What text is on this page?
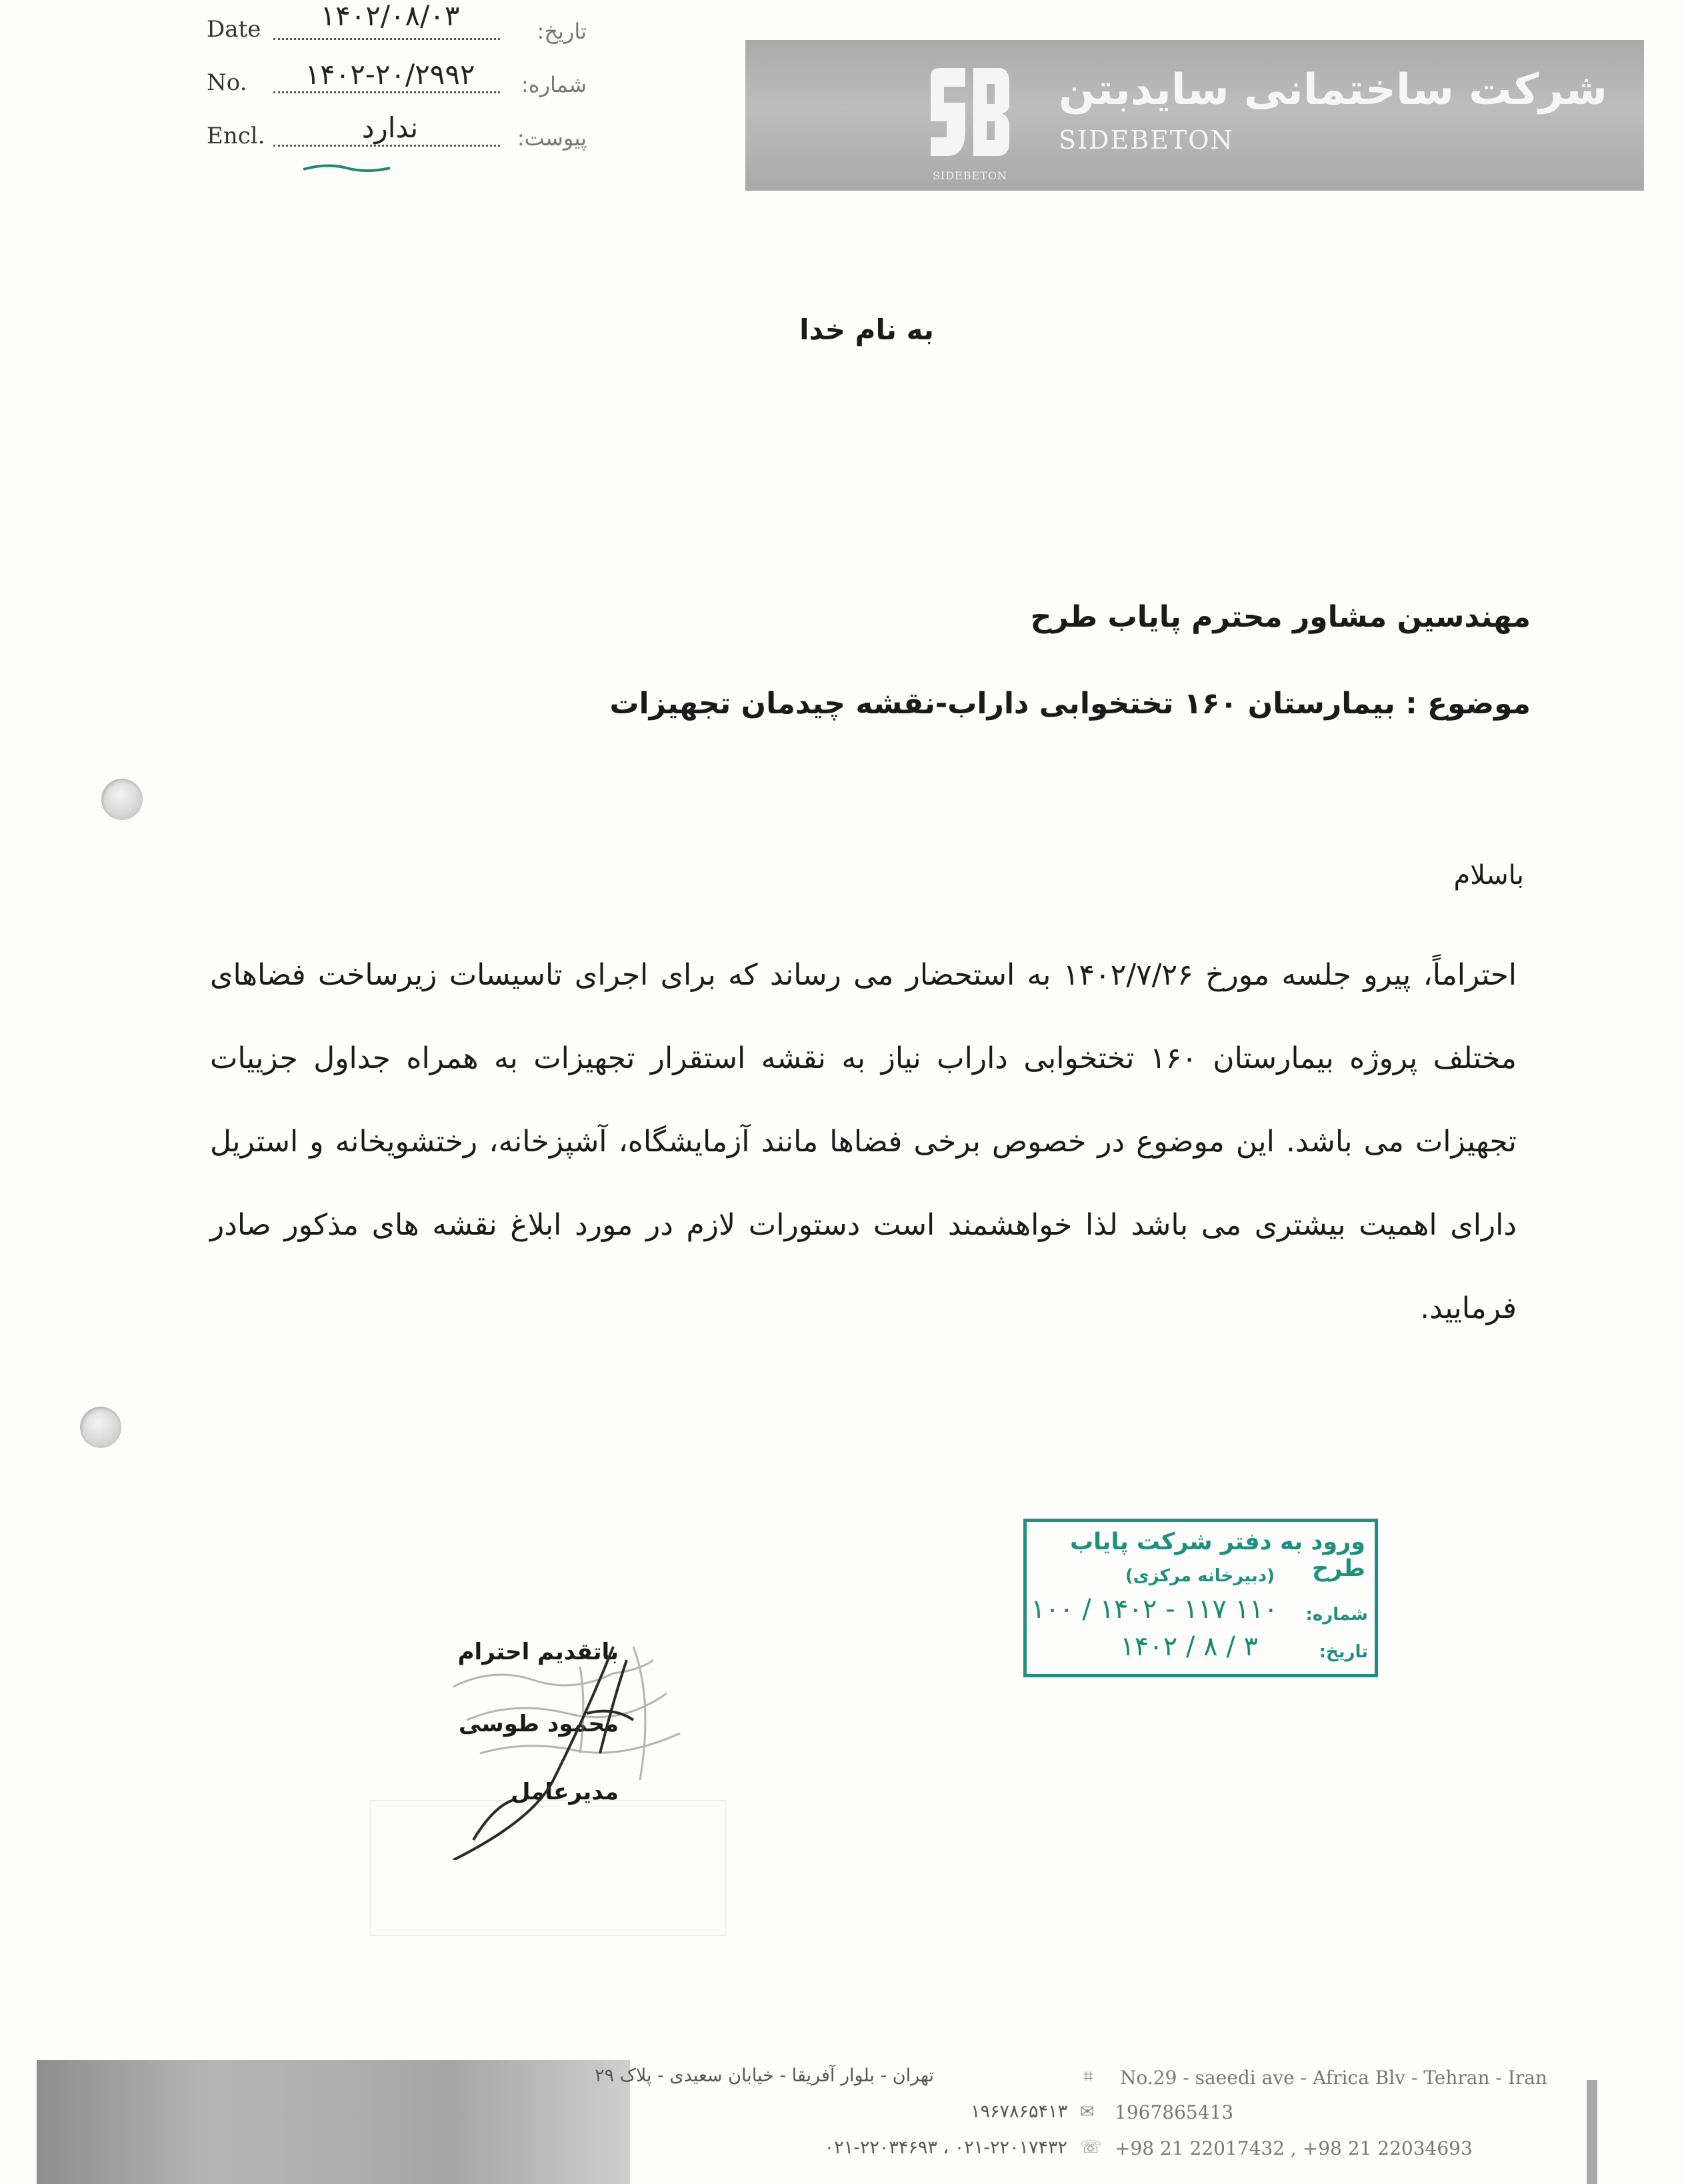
Date	۱۴۰۲/۰۸/۰۳	تاریخ:
No.	۱۴۰۲-۲۰/۲۹۹۲	شماره:
Encl.	ندارد	پیوست:
SIDEBETON
شرکت ساختمانی سایدبتن
SIDEBETON
به نام خدا
مهندسین مشاور محترم پایاب طرح
موضوع : بیمارستان ۱۶۰ تختخوابی داراب-نقشه چیدمان تجهیزات
باسلام

احتراماً، پیرو جلسه مورخ ۱۴۰۲/۷/۲۶ به استحضار می رساند که برای اجرای تاسیسات زیرساخت فضاهای مختلف پروژه بیمارستان ۱۶۰ تختخوابی داراب نیاز به نقشه استقرار تجهیزات به همراه جداول جزییات تجهیزات می باشد. این موضوع در خصوص برخی فضاها مانند آزمایشگاه، آشپزخانه، رختشویخانه و استریل دارای اهمیت بیشتری می باشد لذا خواهشمند است دستورات لازم در مورد ابلاغ نقشه های مذکور صادر فرمایید.

ورود به دفتر شرکت پایاب طرح
(دبیرخانه مرکزی)
شماره:
۱۱۰ ۱۱۷ - ۱۴۰۲ / ۱۰۰
تاریخ:
۳ / ۸ / ۱۴۰۲
باتقدیم احترام
محمود طوسی
مدیرعامل
تهران - بلوار آفریقا - خیابان سعیدی - پلاک ۲۹	⌗ No.29 - saeedi ave - Africa Blv - Tehran - Iran
۱۹۶۷۸۶۵۴۱۳ ✉ 1967865413
۰۲۱-۲۲۰۱۷۴۳۲ ، ۰۲۱-۲۲۰۳۴۶۹۳ ☏ +98 21 22017432 , +98 21 22034693
